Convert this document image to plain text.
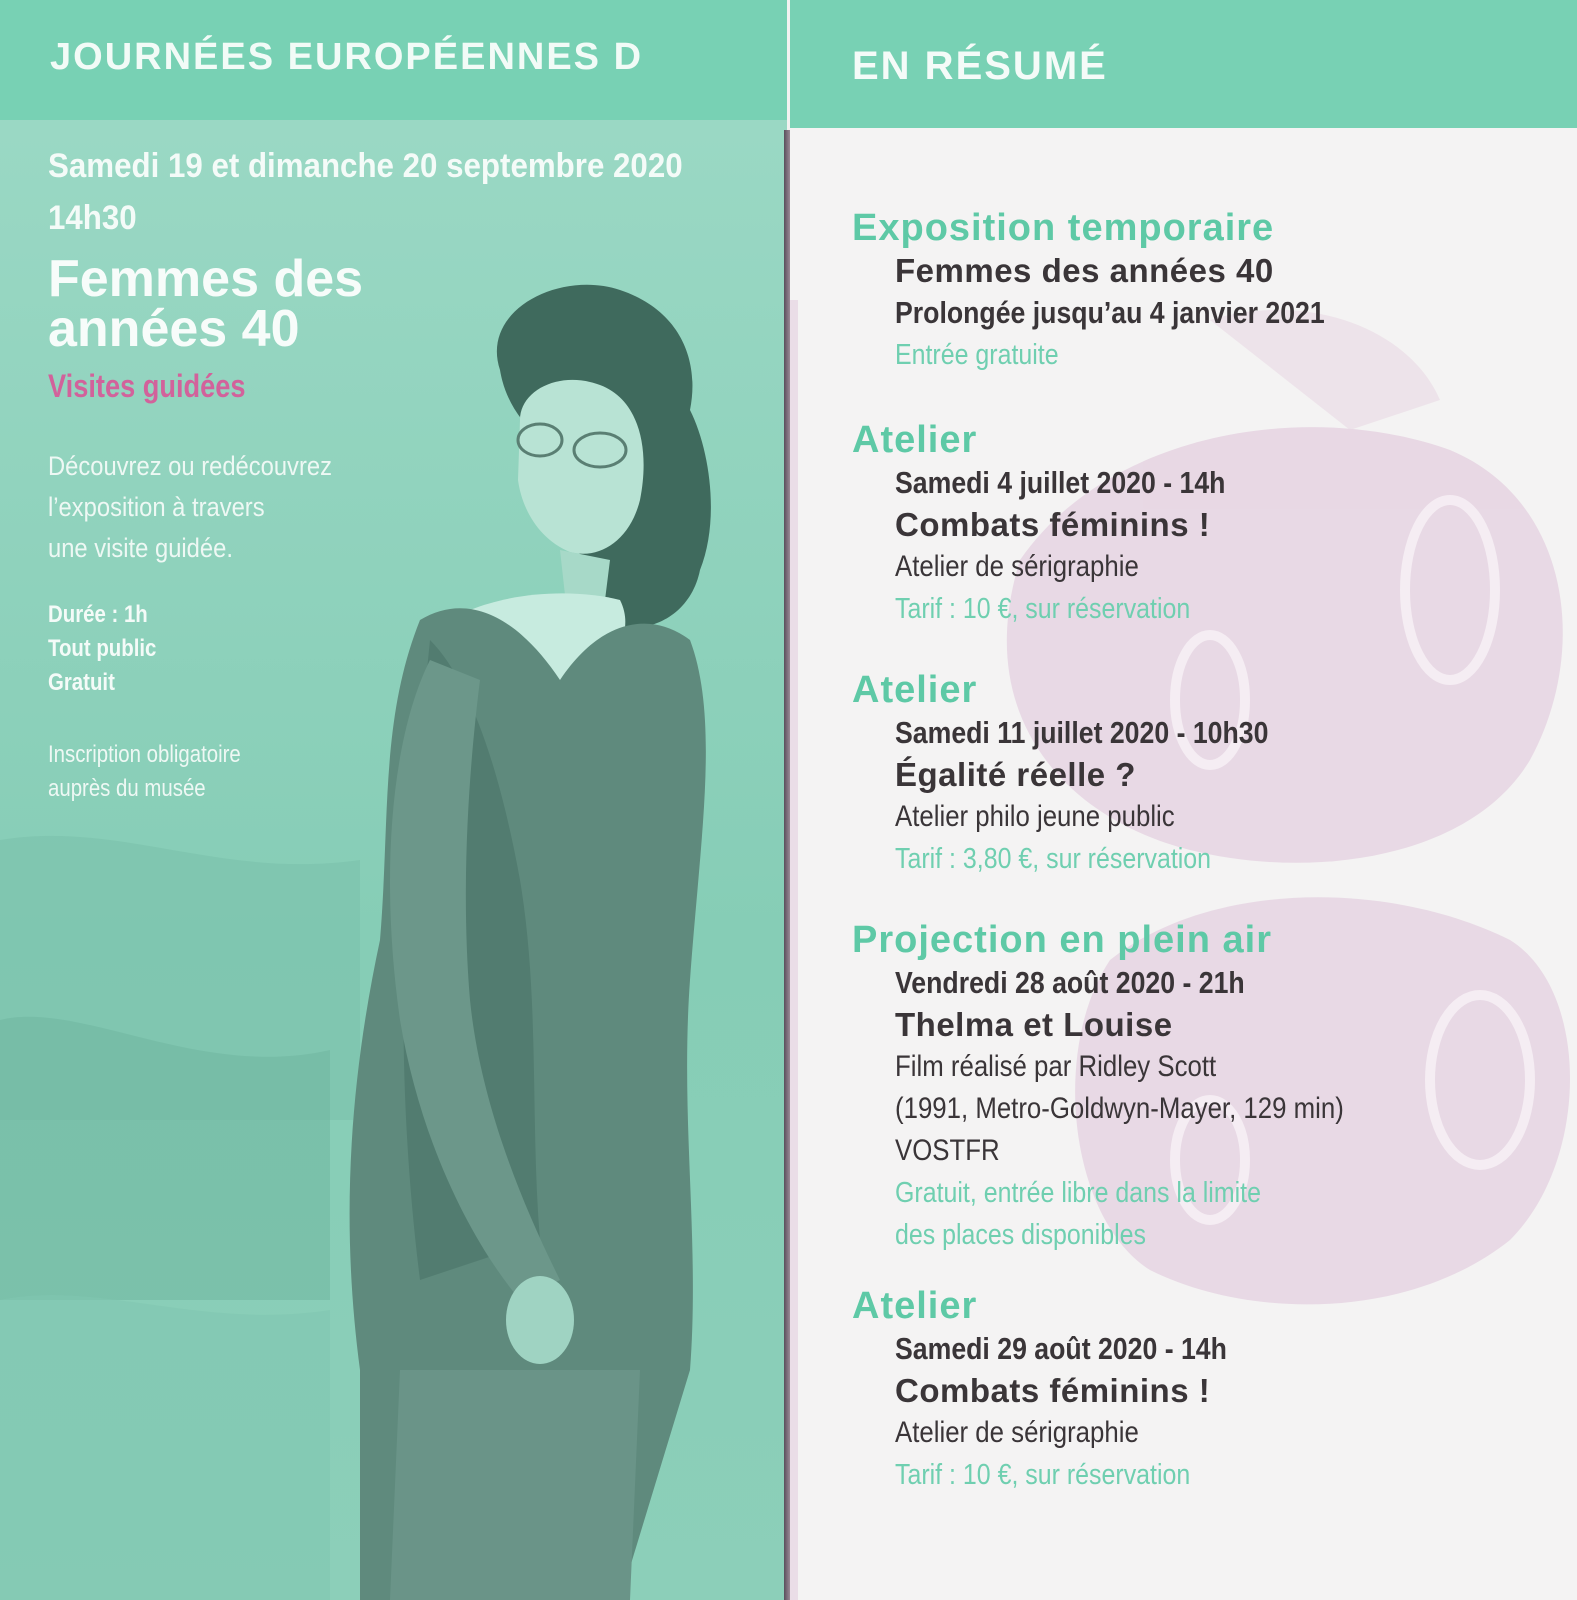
JOURNÉES EUROPÉENNES D
Samedi 19 et dimanche 20 septembre 2020
14h30
Femmes des
années 40
Visites guidées
Découvrez ou redécouvrez
l’exposition à travers
une visite guidée.
Durée : 1h
Tout public
Gratuit
Inscription obligatoire
auprès du musée
EN RÉSUMÉ
Exposition temporaire
Femmes des années 40
Prolongée jusqu’au 4 janvier 2021
Entrée gratuite
Atelier
Samedi 4 juillet 2020 - 14h
Combats féminins !
Atelier de sérigraphie
Tarif : 10 €, sur réservation
Atelier
Samedi 11 juillet 2020 - 10h30
Égalité réelle ?
Atelier philo jeune public
Tarif : 3,80 €, sur réservation
Projection en plein air
Vendredi 28 août 2020 - 21h
Thelma et Louise
Film réalisé par Ridley Scott
(1991, Metro-Goldwyn-Mayer, 129 min)
VOSTFR
Gratuit, entrée libre dans la limite
des places disponibles
Atelier
Samedi 29 août 2020 - 14h
Combats féminins !
Atelier de sérigraphie
Tarif : 10 €, sur réservation
